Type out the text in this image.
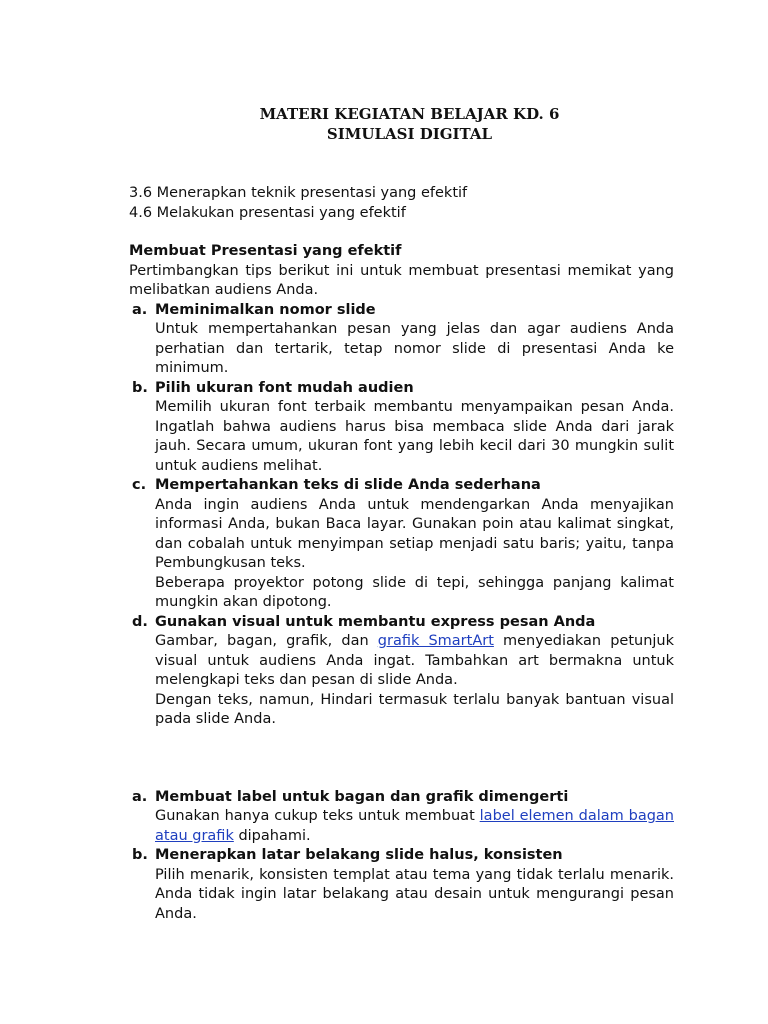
MATERI KEGIATAN BELAJAR KD. 6
SIMULASI DIGITAL
3.6 Menerapkan teknik presentasi yang efektif
4.6 Melakukan presentasi yang efektif
Membuat Presentasi yang efektif
Pertimbangkan tips berikut ini untuk membuat presentasi memikat yang melibatkan audiens Anda.
a. Meminimalkan nomor slide

Untuk mempertahankan pesan yang jelas dan agar audiens Anda perhatian dan tertarik, tetap nomor slide di presentasi Anda ke minimum.

b. Pilih ukuran font mudah audien

Memilih ukuran font terbaik membantu menyampaikan pesan Anda. Ingatlah bahwa audiens harus bisa membaca slide Anda dari jarak jauh. Secara umum, ukuran font yang lebih kecil dari 30 mungkin sulit untuk audiens melihat.

c. Mempertahankan teks di slide Anda sederhana

Anda ingin audiens Anda untuk mendengarkan Anda menyajikan informasi Anda, bukan Baca layar. Gunakan poin atau kalimat singkat, dan cobalah untuk menyimpan setiap menjadi satu baris; yaitu, tanpa Pembungkusan teks.

Beberapa proyektor potong slide di tepi, sehingga panjang kalimat mungkin akan dipotong.

d. Gunakan visual untuk membantu express pesan Anda

Gambar, bagan, grafik, dan grafik SmartArt menyediakan petunjuk visual untuk audiens Anda ingat. Tambahkan art bermakna untuk melengkapi teks dan pesan di slide Anda.

Dengan teks, namun, Hindari termasuk terlalu banyak bantuan visual pada slide Anda.

a. Membuat label untuk bagan dan grafik dimengerti

Gunakan hanya cukup teks untuk membuat label elemen dalam bagan atau grafik dipahami.

b. Menerapkan latar belakang slide halus, konsisten

Pilih menarik, konsisten templat atau tema yang tidak terlalu menarik. Anda tidak ingin latar belakang atau desain untuk mengurangi pesan Anda.
